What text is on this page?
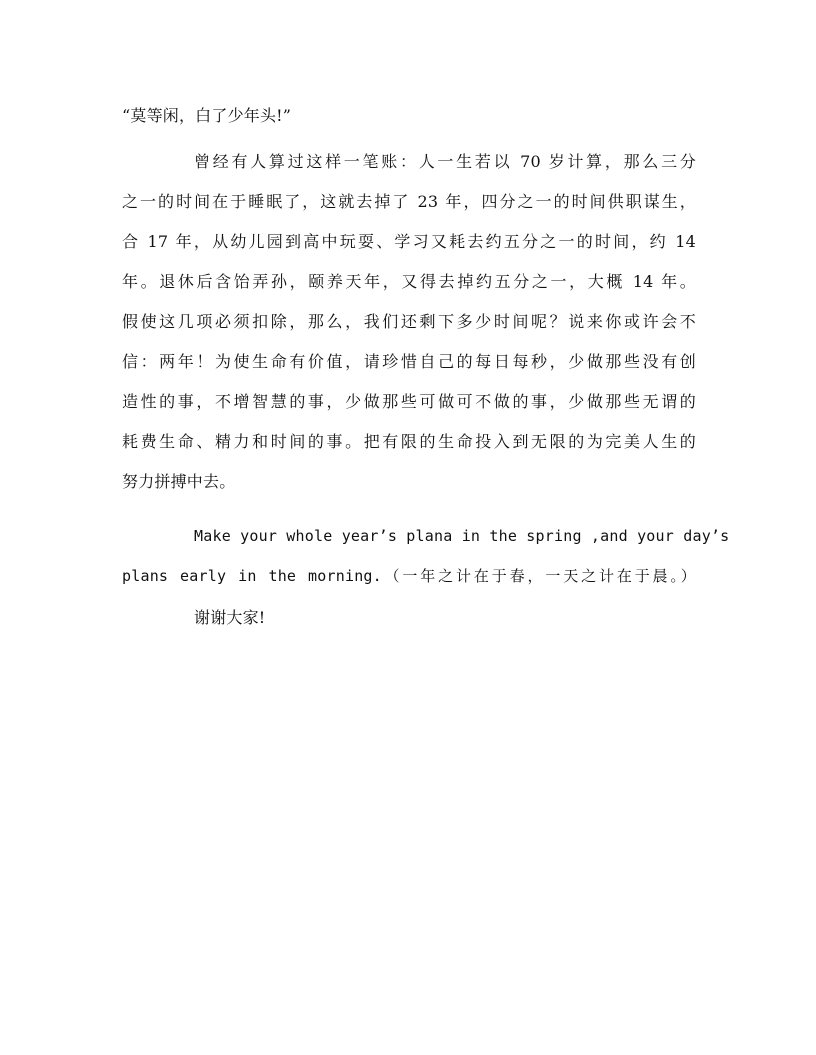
“莫等闲，白了少年头!”
曾经有人算过这样一笔账：人一生若以 70 岁计算，那么三分
之一的时间在于睡眠了，这就去掉了 23 年，四分之一的时间供职谋生，
合 17 年，从幼儿园到高中玩耍、学习又耗去约五分之一的时间，约 14
年。退休后含饴弄孙，颐养天年，又得去掉约五分之一，大概 14 年。
假使这几项必须扣除，那么，我们还剩下多少时间呢？说来你或许会不
信：两年！为使生命有价值，请珍惜自己的每日每秒，少做那些没有创
造性的事，不增智慧的事，少做那些可做可不做的事，少做那些无谓的
耗费生命、精力和时间的事。把有限的生命投入到无限的为完美人生的
努力拼搏中去。
Make your whole year’s plana in the spring ,and your day’s
plans early in the morning.（一年之计在于春，一天之计在于晨。）
谢谢大家!
